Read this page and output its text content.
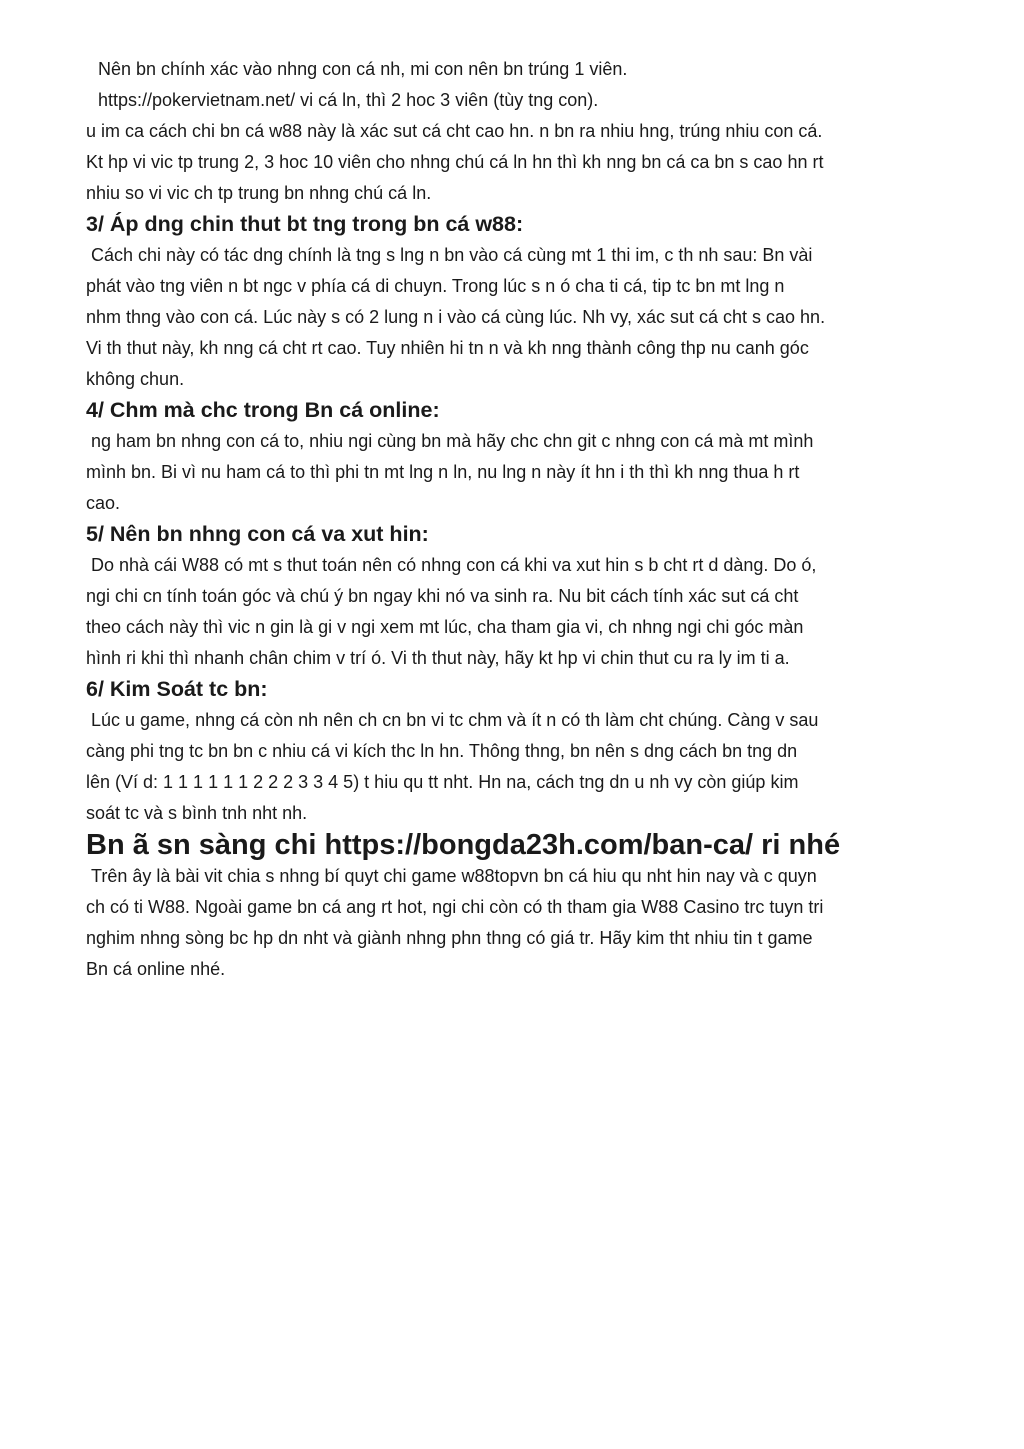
Nên bn chính xác vào nhng con cá nh, mi con nên bn trúng 1 viên.

https://pokervietnam.net/ vi cá ln, thì 2 hoc 3 viên (tùy tng con).

u im ca cách chi bn cá w88 này là xác sut cá cht cao hn. n bn ra nhiu hng, trúng nhiu con cá.

Kt hp vi vic tp trung 2, 3 hoc 10 viên cho nhng chú cá ln hn thì kh nng bn cá ca bn s cao hn rt

nhiu so vi vic ch tp trung bn nhng chú cá ln.

3/ Áp dng chin thut bt tng trong bn cá w88:

Cách chi này có tác dng chính là tng s lng n bn vào cá cùng mt 1 thi im, c th nh sau: Bn vài

phát vào tng viên n bt ngc v phía cá di chuyn. Trong lúc s n ó cha ti cá, tip tc bn mt lng n

nhm thng vào con cá. Lúc này s có 2 lung n i vào cá cùng lúc. Nh vy, xác sut cá cht s cao hn.

Vi th thut này, kh nng cá cht rt cao. Tuy nhiên hi tn n và kh nng thành công thp nu canh góc

không chun.

4/ Chm mà chc trong Bn cá online:

ng ham bn nhng con cá to, nhiu ngi cùng bn mà hãy chc chn git c nhng con cá mà mt mình

mình bn. Bi vì nu ham cá to thì phi tn mt lng n ln, nu lng n này ít hn i th thì kh nng thua h rt

cao.

5/ Nên bn nhng con cá va xut hin:

Do nhà cái W88 có mt s thut toán nên có nhng con cá khi va xut hin s b cht rt d dàng. Do ó,

ngi chi cn tính toán góc và chú ý bn ngay khi nó va sinh ra. Nu bit cách tính xác sut cá cht

theo cách này thì vic n gin là gi v ngi xem mt lúc, cha tham gia vi, ch nhng ngi chi góc màn

hình ri khi thì nhanh chân chim v trí ó. Vi th thut này, hãy kt hp vi chin thut cu ra ly im ti a.

6/ Kim Soát tc bn:

Lúc u game, nhng cá còn nh nên ch cn bn vi tc chm và ít n có th làm cht chúng. Càng v sau

càng phi tng tc bn bn c nhiu cá vi kích thc ln hn. Thông thng, bn nên s dng cách bn tng dn

lên (Ví d: 1 1 1 1 1 1 2 2 2 3 3 4 5) t hiu qu tt nht. Hn na, cách tng dn u nh vy còn giúp kim

soát tc và s bình tnh nht nh.

Bn ã sn sàng chi https://bongda23h.com/ban-ca/ ri nhé

Trên ây là bài vit chia s nhng bí quyt chi game w88topvn bn cá hiu qu nht hin nay và c quyn

ch có ti W88. Ngoài game bn cá ang rt hot, ngi chi còn có th tham gia W88 Casino trc tuyn tri

nghim nhng sòng bc hp dn nht và giành nhng phn thng có giá tr. Hãy kim tht nhiu tin t game

Bn cá online nhé.
